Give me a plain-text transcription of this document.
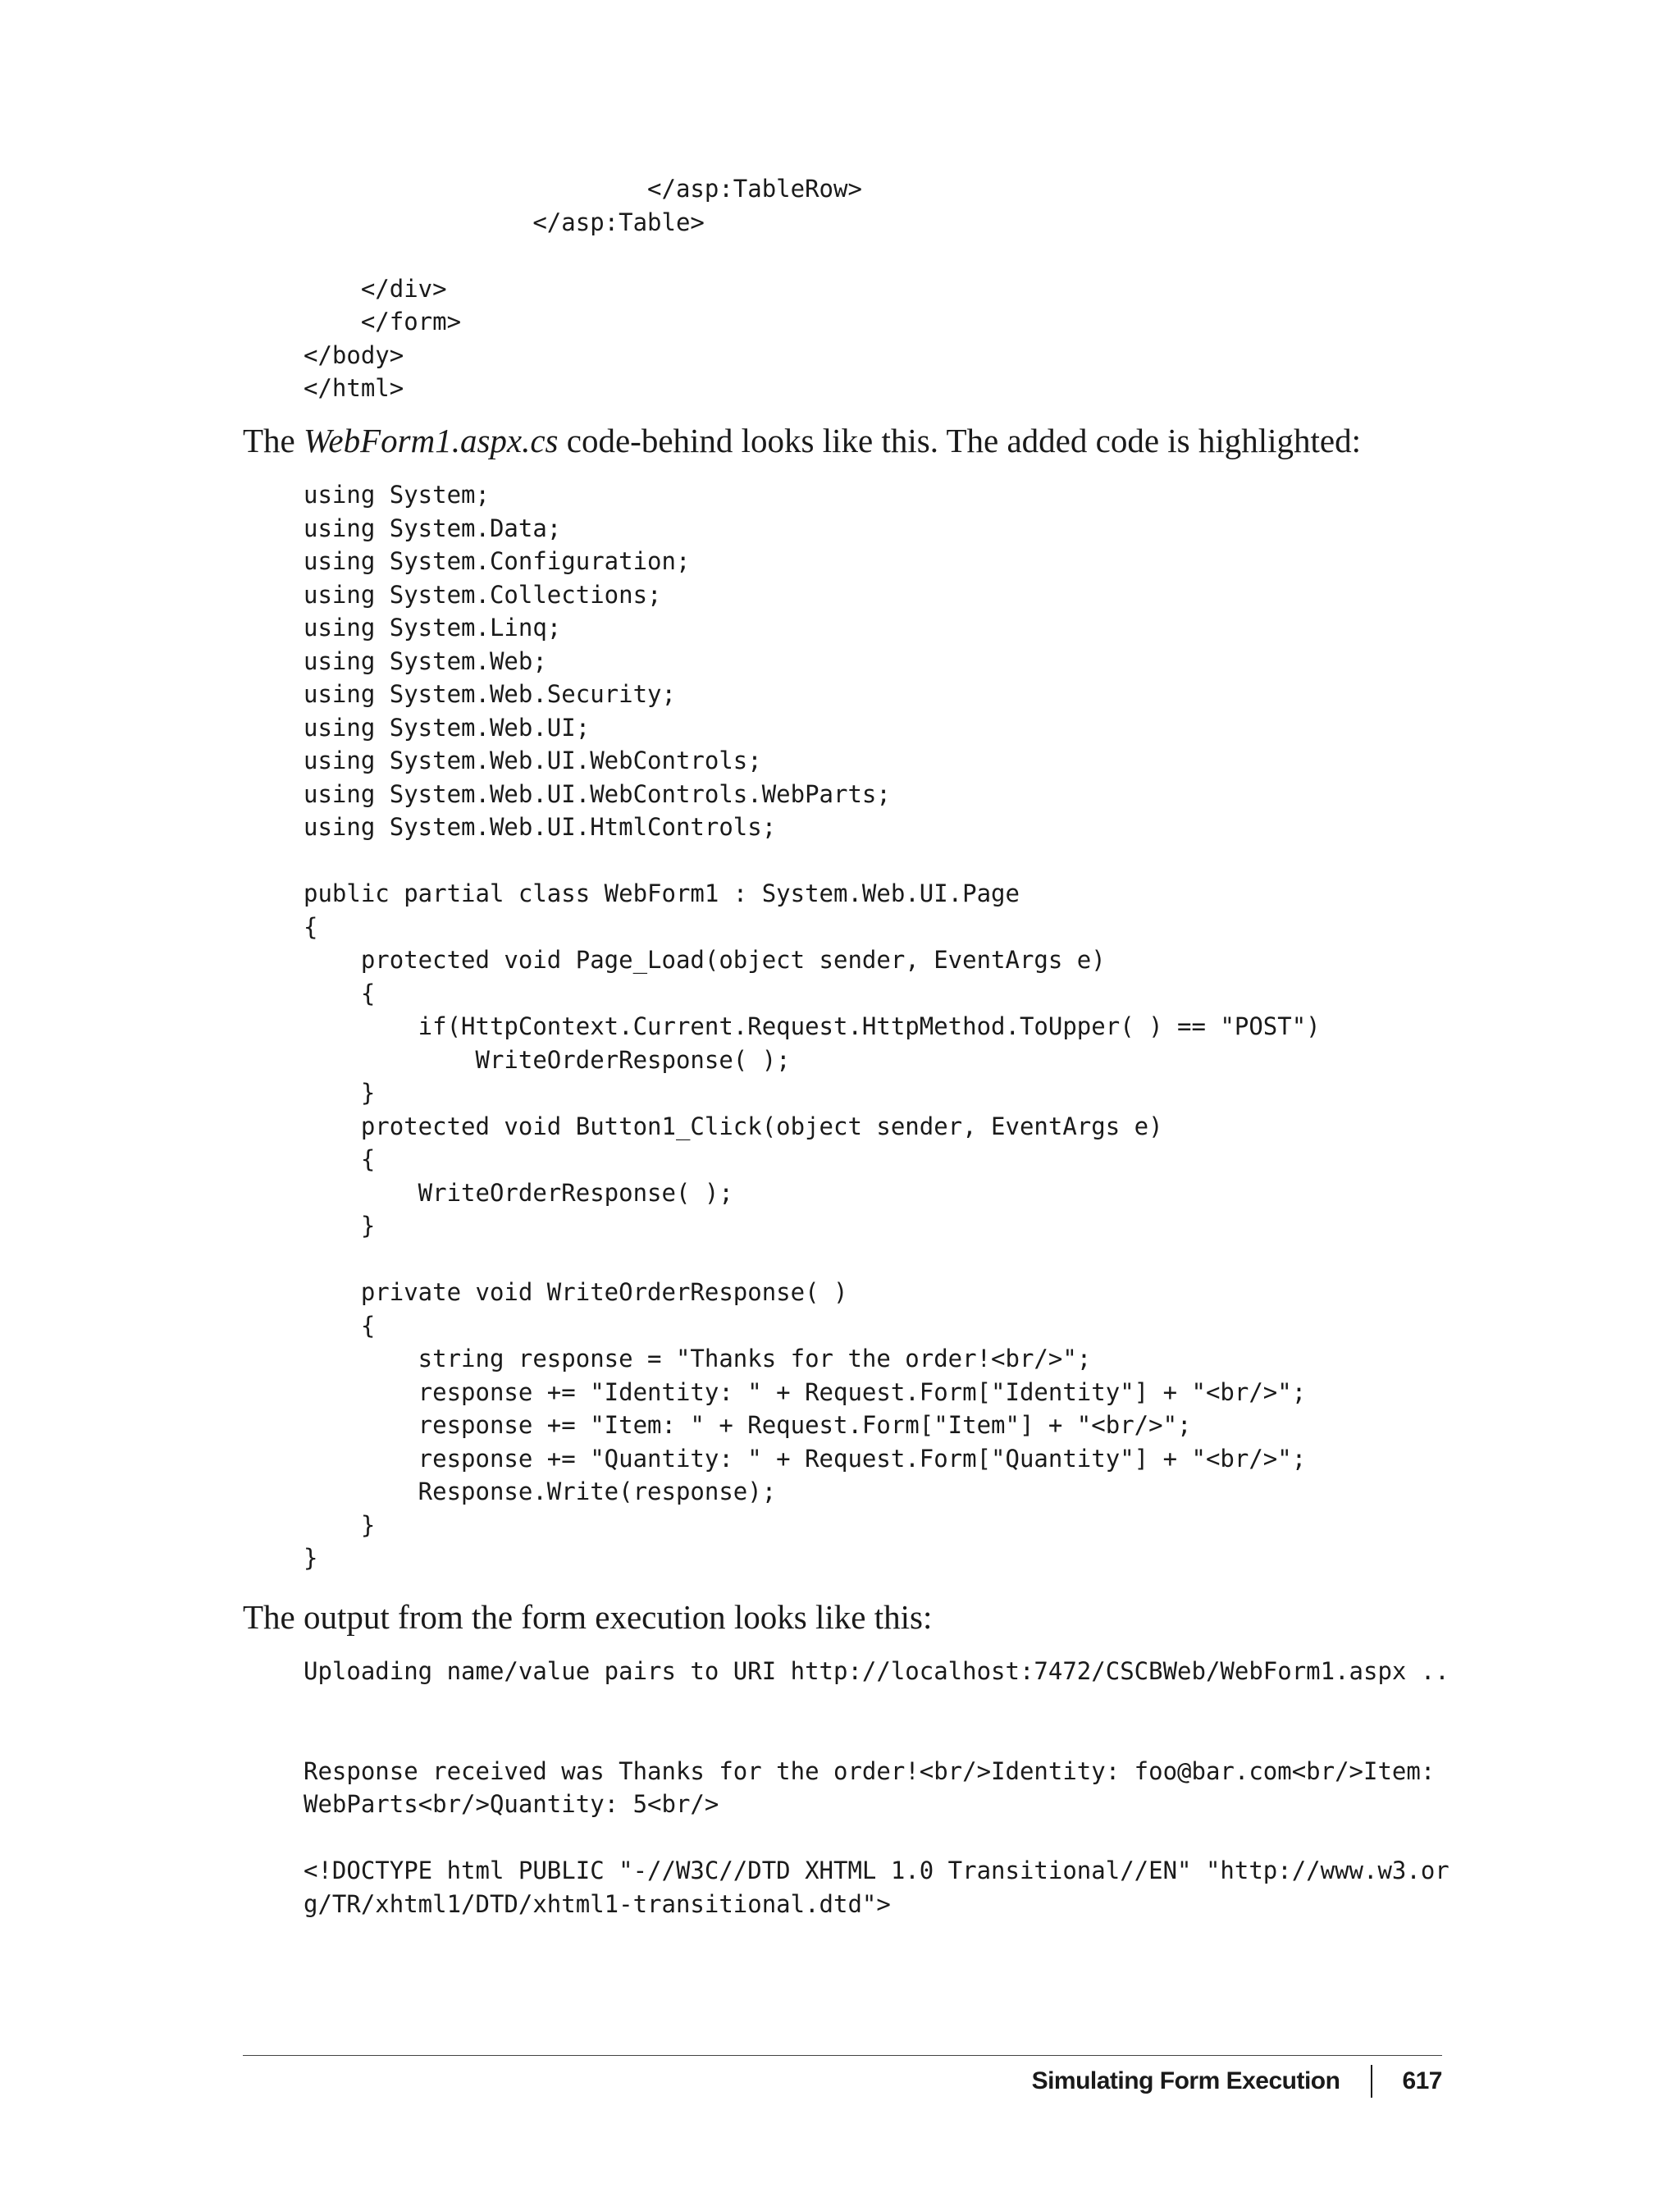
</asp:TableRow>
</asp:Table>

</div>
</form>
</body>
</html>

The WebForm1.aspx.cs code-behind looks like this. The added code is highlighted:

using System;
using System.Data;
using System.Configuration;
using System.Collections;
using System.Linq;
using System.Web;
using System.Web.Security;
using System.Web.UI;
using System.Web.UI.WebControls;
using System.Web.UI.WebControls.WebParts;
using System.Web.UI.HtmlControls;

public partial class WebForm1 : System.Web.UI.Page
{
protected void Page_Load(object sender, EventArgs e)
{
if(HttpContext.Current.Request.HttpMethod.ToUpper( ) == "POST")
WriteOrderResponse( );
}
protected void Button1_Click(object sender, EventArgs e)
{
WriteOrderResponse( );
}

private void WriteOrderResponse( )
{
string response = "Thanks for the order!<br/>";
response += "Identity: " + Request.Form["Identity"] + "<br/>";
response += "Item: " + Request.Form["Item"] + "<br/>";
response += "Quantity: " + Request.Form["Quantity"] + "<br/>";
Response.Write(response);
}
}

The output from the form execution looks like this:

Uploading name/value pairs to URI http://localhost:7472/CSCBWeb/WebForm1.aspx ..

Response received was Thanks for the order!<br/>Identity: foo@bar.com<br/>Item:
WebParts<br/>Quantity: 5<br/>

<!DOCTYPE html PUBLIC "-//W3C//DTD XHTML 1.0 Transitional//EN" "http://www.w3.or
g/TR/xhtml1/DTD/xhtml1-transitional.dtd">
Simulating Form Execution	617
